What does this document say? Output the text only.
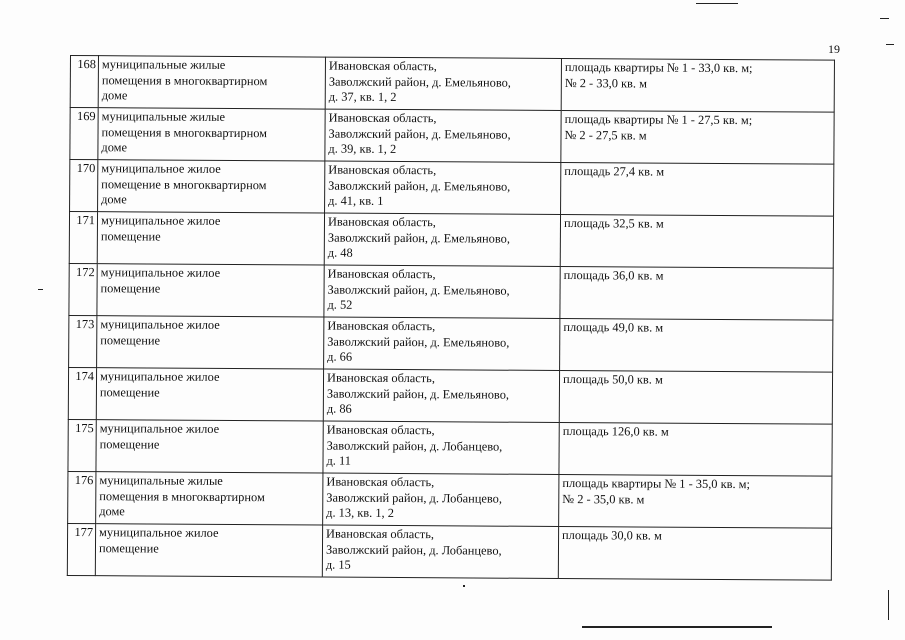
19
168	муниципальные жилые
помещения в многоквартирном
доме	Ивановская область,
Заволжский район, д. Емельяново,
д. 37, кв. 1, 2	площадь квартиры № 1 - 33,0 кв. м;
№ 2 - 33,0 кв. м

169	муниципальные жилые
помещения в многоквартирном
доме	Ивановская область,
Заволжский район, д. Емельяново,
д. 39, кв. 1, 2	площадь квартиры № 1 - 27,5 кв. м;
№ 2 - 27,5 кв. м

170	муниципальное жилое
помещение в многоквартирном
доме	Ивановская область,
Заволжский район, д. Емельяново,
д. 41, кв. 1	площадь 27,4 кв. м

171	муниципальное жилое
помещение	Ивановская область,
Заволжский район, д. Емельяново,
д. 48	площадь 32,5 кв. м

172	муниципальное жилое
помещение	Ивановская область,
Заволжский район, д. Емельяново,
д. 52	площадь 36,0 кв. м

173	муниципальное жилое
помещение	Ивановская область,
Заволжский район, д. Емельяново,
д. 66	площадь 49,0 кв. м

174	муниципальное жилое
помещение	Ивановская область,
Заволжский район, д. Емельяново,
д. 86	площадь 50,0 кв. м

175	муниципальное жилое
помещение	Ивановская область,
Заволжский район, д. Лобанцево,
д. 11	площадь 126,0 кв. м

176	муниципальные жилые
помещения в многоквартирном
доме	Ивановская область,
Заволжский район, д. Лобанцево,
д. 13, кв. 1, 2	площадь квартиры № 1 - 35,0 кв. м;
№ 2 - 35,0 кв. м

177	муниципальное жилое
помещение	Ивановская область,
Заволжский район, д. Лобанцево,
д. 15	площадь 30,0 кв. м
